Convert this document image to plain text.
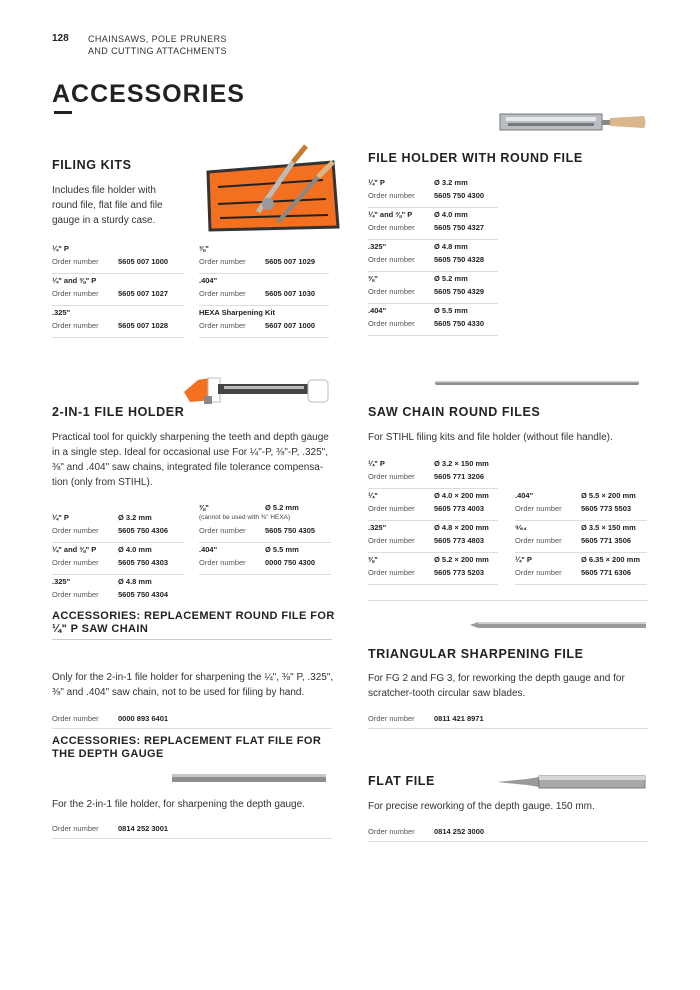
128 CHAINSAWS, POLE PRUNERS
AND CUTTING ATTACHMENTS
ACCESSORIES
FILING KITS
Includes file holder with
round file, flat file and file
gauge in a sturdy case.
¼" P
Order number	5605 007 1000
¼" and ⅜" P
Order number	5605 007 1027
.325"
Order number	5605 007 1028
⅜"
Order number	5605 007 1029
.404"
Order number	5605 007 1030
HEXA Sharpening Kit
Order number	5607 007 1000
2-IN-1 FILE HOLDER
Practical tool for quickly sharpening the teeth and depth gauge
in a single step. Ideal for occasional use For ¼"-P, ⅜"-P, .325",
⅜" and .404" saw chains, integrated file tolerance compensa-
tion (only from STIHL).
¼" P	Ø 3.2 mm
Order number	5605 750 4306
¼" and ⅜" P	Ø 4.0 mm
Order number	5605 750 4303
.325"	Ø 4.8 mm
Order number	5605 750 4304
⅜"	Ø 5.2 mm
(cannot be used with ⅜" HEXA)
Order number	5605 750 4305
.404"	Ø 5.5 mm
Order number	0000 750 4300
ACCESSORIES: REPLACEMENT ROUND FILE FOR
¼" P SAW CHAIN
Only for the 2-in-1 file holder for sharpening the ¼", ⅜" P, .325",
⅜" and .404" saw chain, not to be used for filing by hand.
Order number	0000 893 6401
ACCESSORIES: REPLACEMENT FLAT FILE FOR
THE DEPTH GAUGE
For the 2-in-1 file holder, for sharpening the depth gauge.
Order number	0814 252 3001
FILE HOLDER WITH ROUND FILE
¼" P	Ø 3.2 mm
Order number	5605 750 4300
¼" and ⅜" P	Ø 4.0 mm
Order number	5605 750 4327
.325"	Ø 4.8 mm
Order number	5605 750 4328
⅜"	Ø 5.2 mm
Order number	5605 750 4329
.404"	Ø 5.5 mm
Order number	5605 750 4330
SAW CHAIN ROUND FILES
For STIHL filing kits and file holder (without file handle).
¼" P	Ø 3.2 × 150 mm
Order number	5605 771 3206
¼"	Ø 4.0 × 200 mm
Order number	5605 773 4003
.325"	Ø 4.8 × 200 mm
Order number	5605 773 4803
⅜"	Ø 5.2 × 200 mm
Order number	5605 773 5203
.404"	Ø 5.5 × 200 mm
Order number	5605 773 5503
⁹⁄₆₄	Ø 3.5 × 150 mm
Order number	5605 771 3506
¼" P	Ø 6.35 × 200 mm
Order number	5605 771 6306
TRIANGULAR SHARPENING FILE
For FG 2 and FG 3, for reworking the depth gauge and for
scratcher-tooth circular saw blades.
Order number	0811 421 8971
FLAT FILE
For precise reworking of the depth gauge. 150 mm.
Order number	0814 252 3000
